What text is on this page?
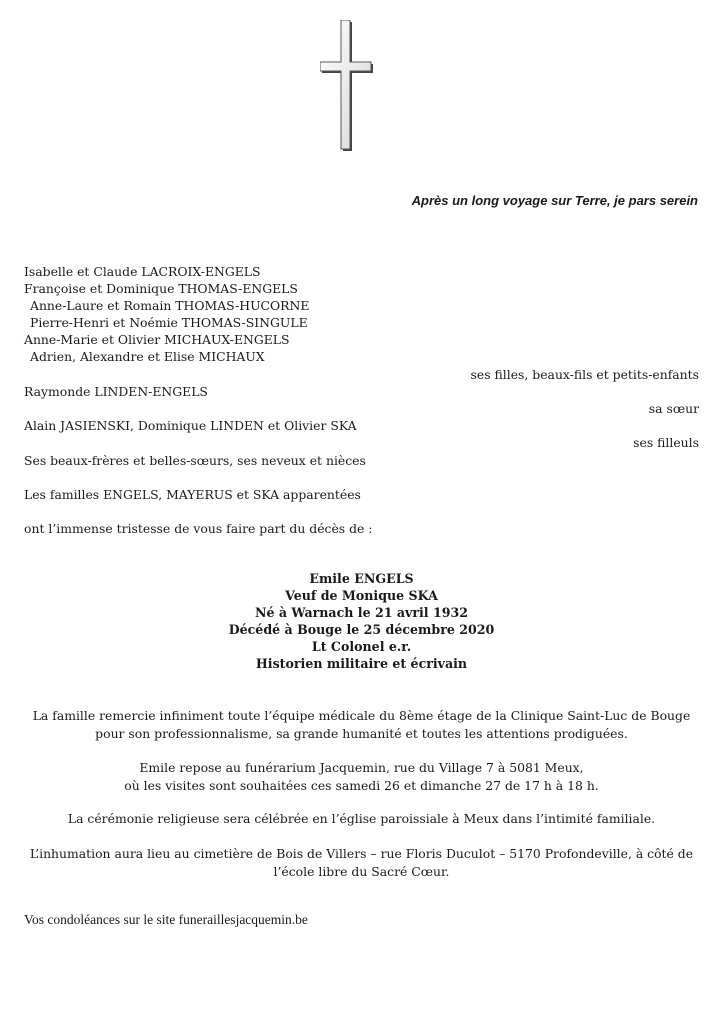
Après un long voyage sur Terre, je pars serein
Isabelle et Claude LACROIX-ENGELS
Françoise et Dominique THOMAS-ENGELS
Anne-Laure et Romain THOMAS-HUCORNE
Pierre-Henri et Noémie THOMAS-SINGULE
Anne-Marie et Olivier MICHAUX-ENGELS
Adrien, Alexandre et Elise MICHAUX
ses filles, beaux-fils et petits-enfants
Raymonde LINDEN-ENGELS
sa sœur
Alain JASIENSKI, Dominique LINDEN et Olivier SKA
ses filleuls
Ses beaux-frères et belles-sœurs, ses neveux et nièces
Les familles ENGELS, MAYERUS et SKA apparentées
ont l’immense tristesse de vous faire part du décès de :
Emile ENGELS
Veuf de Monique SKA
Né à Warnach le 21 avril 1932
Décédé à Bouge le 25 décembre 2020
Lt Colonel e.r.
Historien militaire et écrivain
La famille remercie infiniment toute l’équipe médicale du 8ème étage de la Clinique Saint-Luc de Bouge
pour son professionnalisme, sa grande humanité et toutes les attentions prodiguées.
Emile repose au funérarium Jacquemin, rue du Village 7 à 5081 Meux,
où les visites sont souhaitées ces samedi 26 et dimanche 27 de 17 h à 18 h.
La cérémonie religieuse sera célébrée en l’église paroissiale à Meux dans l’intimité familiale.
L’inhumation aura lieu au cimetière de Bois de Villers – rue Floris Duculot – 5170 Profondeville, à côté de
l’école libre du Sacré Cœur.
Vos condoléances sur le site funeraillesjacquemin.be
